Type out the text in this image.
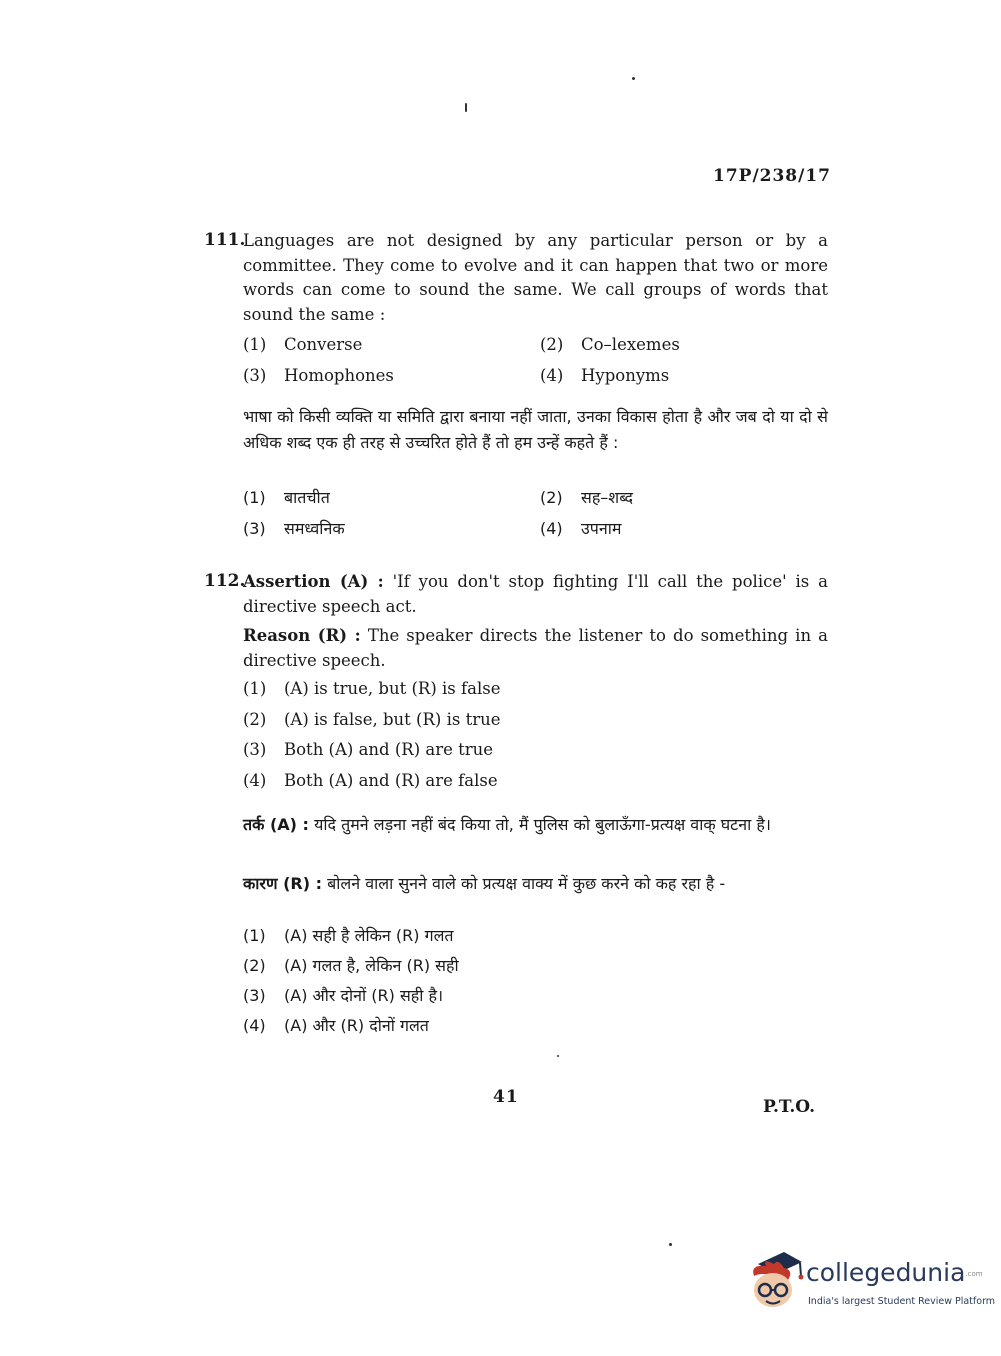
17P/238/17
111.
Languages are not designed by any particular person or by a committee. They come to evolve and it can happen that two or more words can come to sound the same. We call groups of words that sound the same :
(1) Converse	(2) Co–lexemes
(3) Homophones	(4) Hyponyms
भाषा को किसी व्यक्ति या समिति द्वारा बनाया नहीं जाता, उनका विकास होता है और जब दो या दो से अधिक शब्द एक ही तरह से उच्चरित होते हैं तो हम उन्हें कहते हैं :
(1) बातचीत	(2) सह–शब्द
(3) समध्वनिक	(4) उपनाम
112.
Assertion (A) : 'If you don't stop fighting I'll call the police' is a directive speech act.
Reason (R) : The speaker directs the listener to do something in a directive speech.
(1) (A) is true, but (R) is false
(2) (A) is false, but (R) is true
(3) Both (A) and (R) are true
(4) Both (A) and (R) are false
तर्क (A) : यदि तुमने लड़ना नहीं बंद किया तो, मैं पुलिस को बुलाऊँगा-प्रत्यक्ष वाक् घटना है।
कारण (R) : बोलने वाला सुनने वाले को प्रत्यक्ष वाक्य में कुछ करने को कह रहा है -
(1) (A) सही है लेकिन (R) गलत
(2) (A) गलत है, लेकिन (R) सही
(3) (A) और दोनों (R) सही है।
(4) (A) और (R) दोनों गलत
41	P.T.O.
collegedunia.com
India's largest Student Review Platform
